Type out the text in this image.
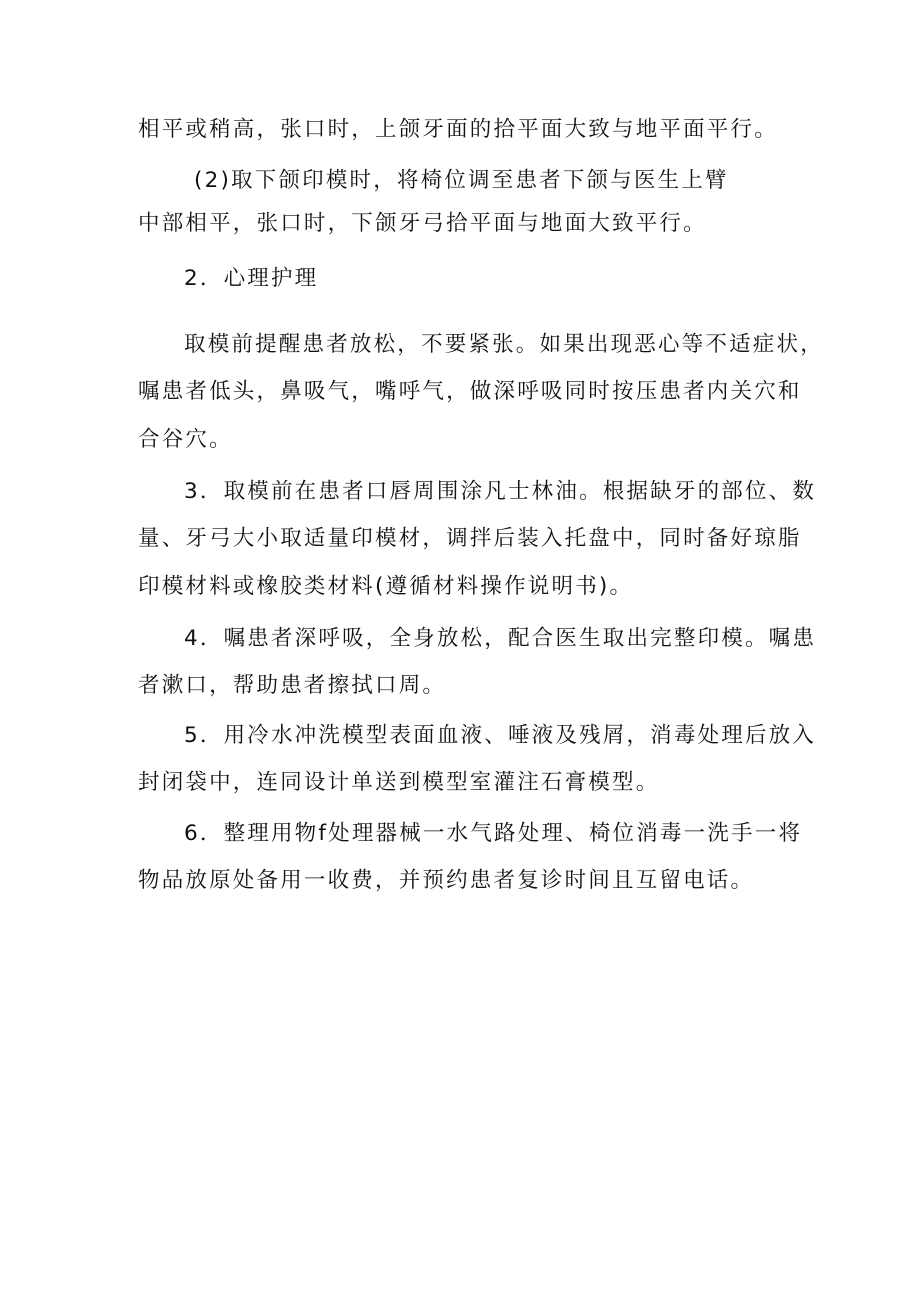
相平或稍高，张口时，上颌牙面的拾平面大致与地平面平行。
(2)取下颌印模时，将椅位调至患者下颌与医生上臂
中部相平，张口时，下颌牙弓拾平面与地面大致平行。
2．心理护理
取模前提醒患者放松，不要紧张。如果出现恶心等不适症状，
嘱患者低头，鼻吸气，嘴呼气，做深呼吸同时按压患者内关穴和
合谷穴。
3．取模前在患者口唇周围涂凡士林油。根据缺牙的部位、数
量、牙弓大小取适量印模材，调拌后装入托盘中，同时备好琼脂
印模材料或橡胶类材料(遵循材料操作说明书)。
4．嘱患者深呼吸，全身放松，配合医生取出完整印模。嘱患
者漱口，帮助患者擦拭口周。
5．用冷水冲洗模型表面血液、唾液及残屑，消毒处理后放入
封闭袋中，连同设计单送到模型室灌注石膏模型。
6．整理用物f处理器械一水气路处理、椅位消毒一洗手一将
物品放原处备用一收费，并预约患者复诊时间且互留电话。
